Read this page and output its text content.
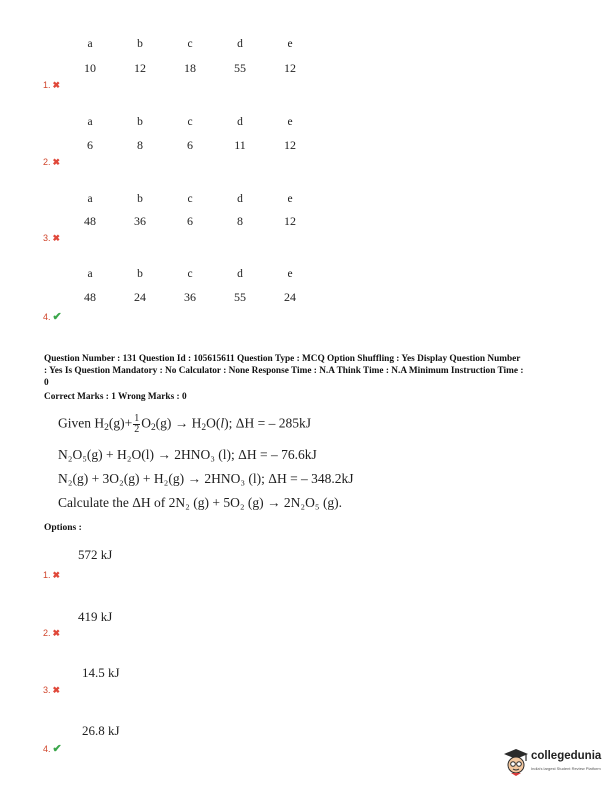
a	b	c	d	e
10	12	18	55	12
1. ✖
a	b	c	d	e
6	8	6	11	12
2. ✖
a	b	c	d	e
48	36	6	8	12
3. ✖
a	b	c	d	e
48	24	36	55	24
4. ✔
Question Number : 131 Question Id : 105615611 Question Type : MCQ Option Shuffling : Yes Display Question Number
: Yes Is Question Mandatory : No Calculator : None Response Time : N.A Think Time : N.A Minimum Instruction Time :
0
Correct Marks : 1 Wrong Marks : 0
Given $H_2(g)+ \frac{1}{2} O_2(g) \to H_2O(l)$; ΔH = – 285kJ
N₂O₅(g) + H₂O(l) → 2HNO₃ (l); ΔH = – 76.6kJ
N₂(g) + 3O₂(g) + H₂(g) → 2HNO₃ (l); ΔH = – 348.2kJ
Calculate the ΔH of 2N₂ (g) + 5O₂ (g) → 2N₂O₅ (g).
Options :
572 kJ
1. ✖
419 kJ
2. ✖
14.5 kJ
3. ✖
26.8 kJ
4. ✔
collegedunia
India's largest Student Review Platform
